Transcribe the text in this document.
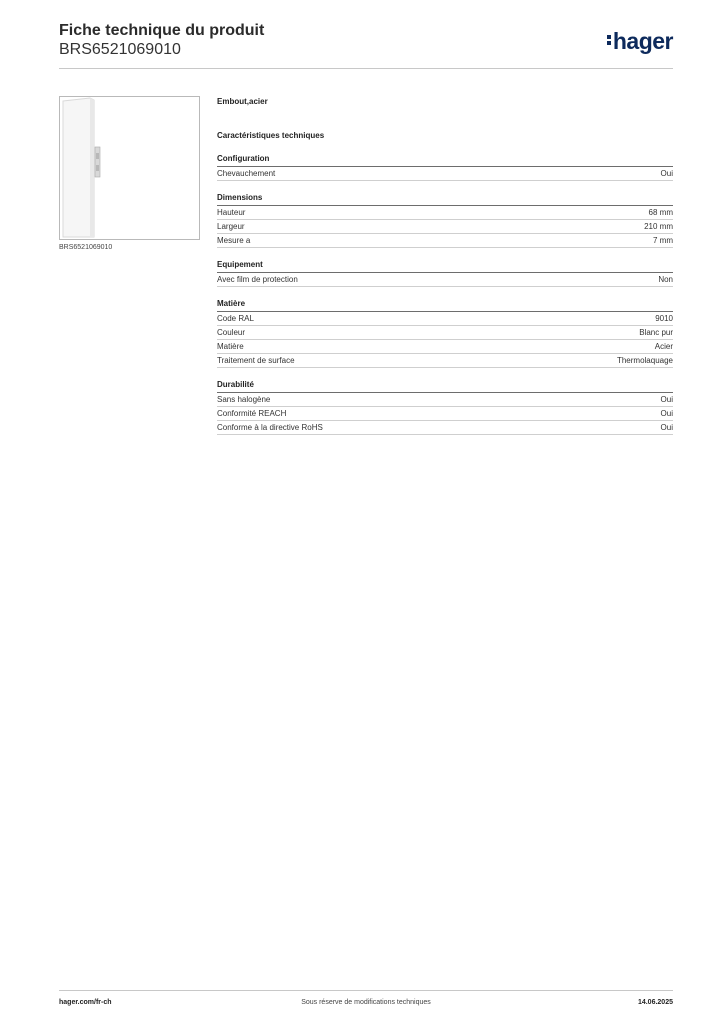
Fiche technique du produit
BRS6521069010	hager
BRS6521069010
Embout,acier
Caractéristiques techniques
Configuration
Chevauchement	Oui
Dimensions
Hauteur	68 mm
Largeur	210 mm
Mesure a	7 mm
Equipement
Avec film de protection	Non
Matière
Code RAL	9010
Couleur	Blanc pur
Matière	Acier
Traitement de surface	Thermolaquage
Durabilité
Sans halogène	Oui
Conformité REACH	Oui
Conforme à la directive RoHS	Oui
hager.com/fr-ch	Sous réserve de modifications techniques	14.06.2025
